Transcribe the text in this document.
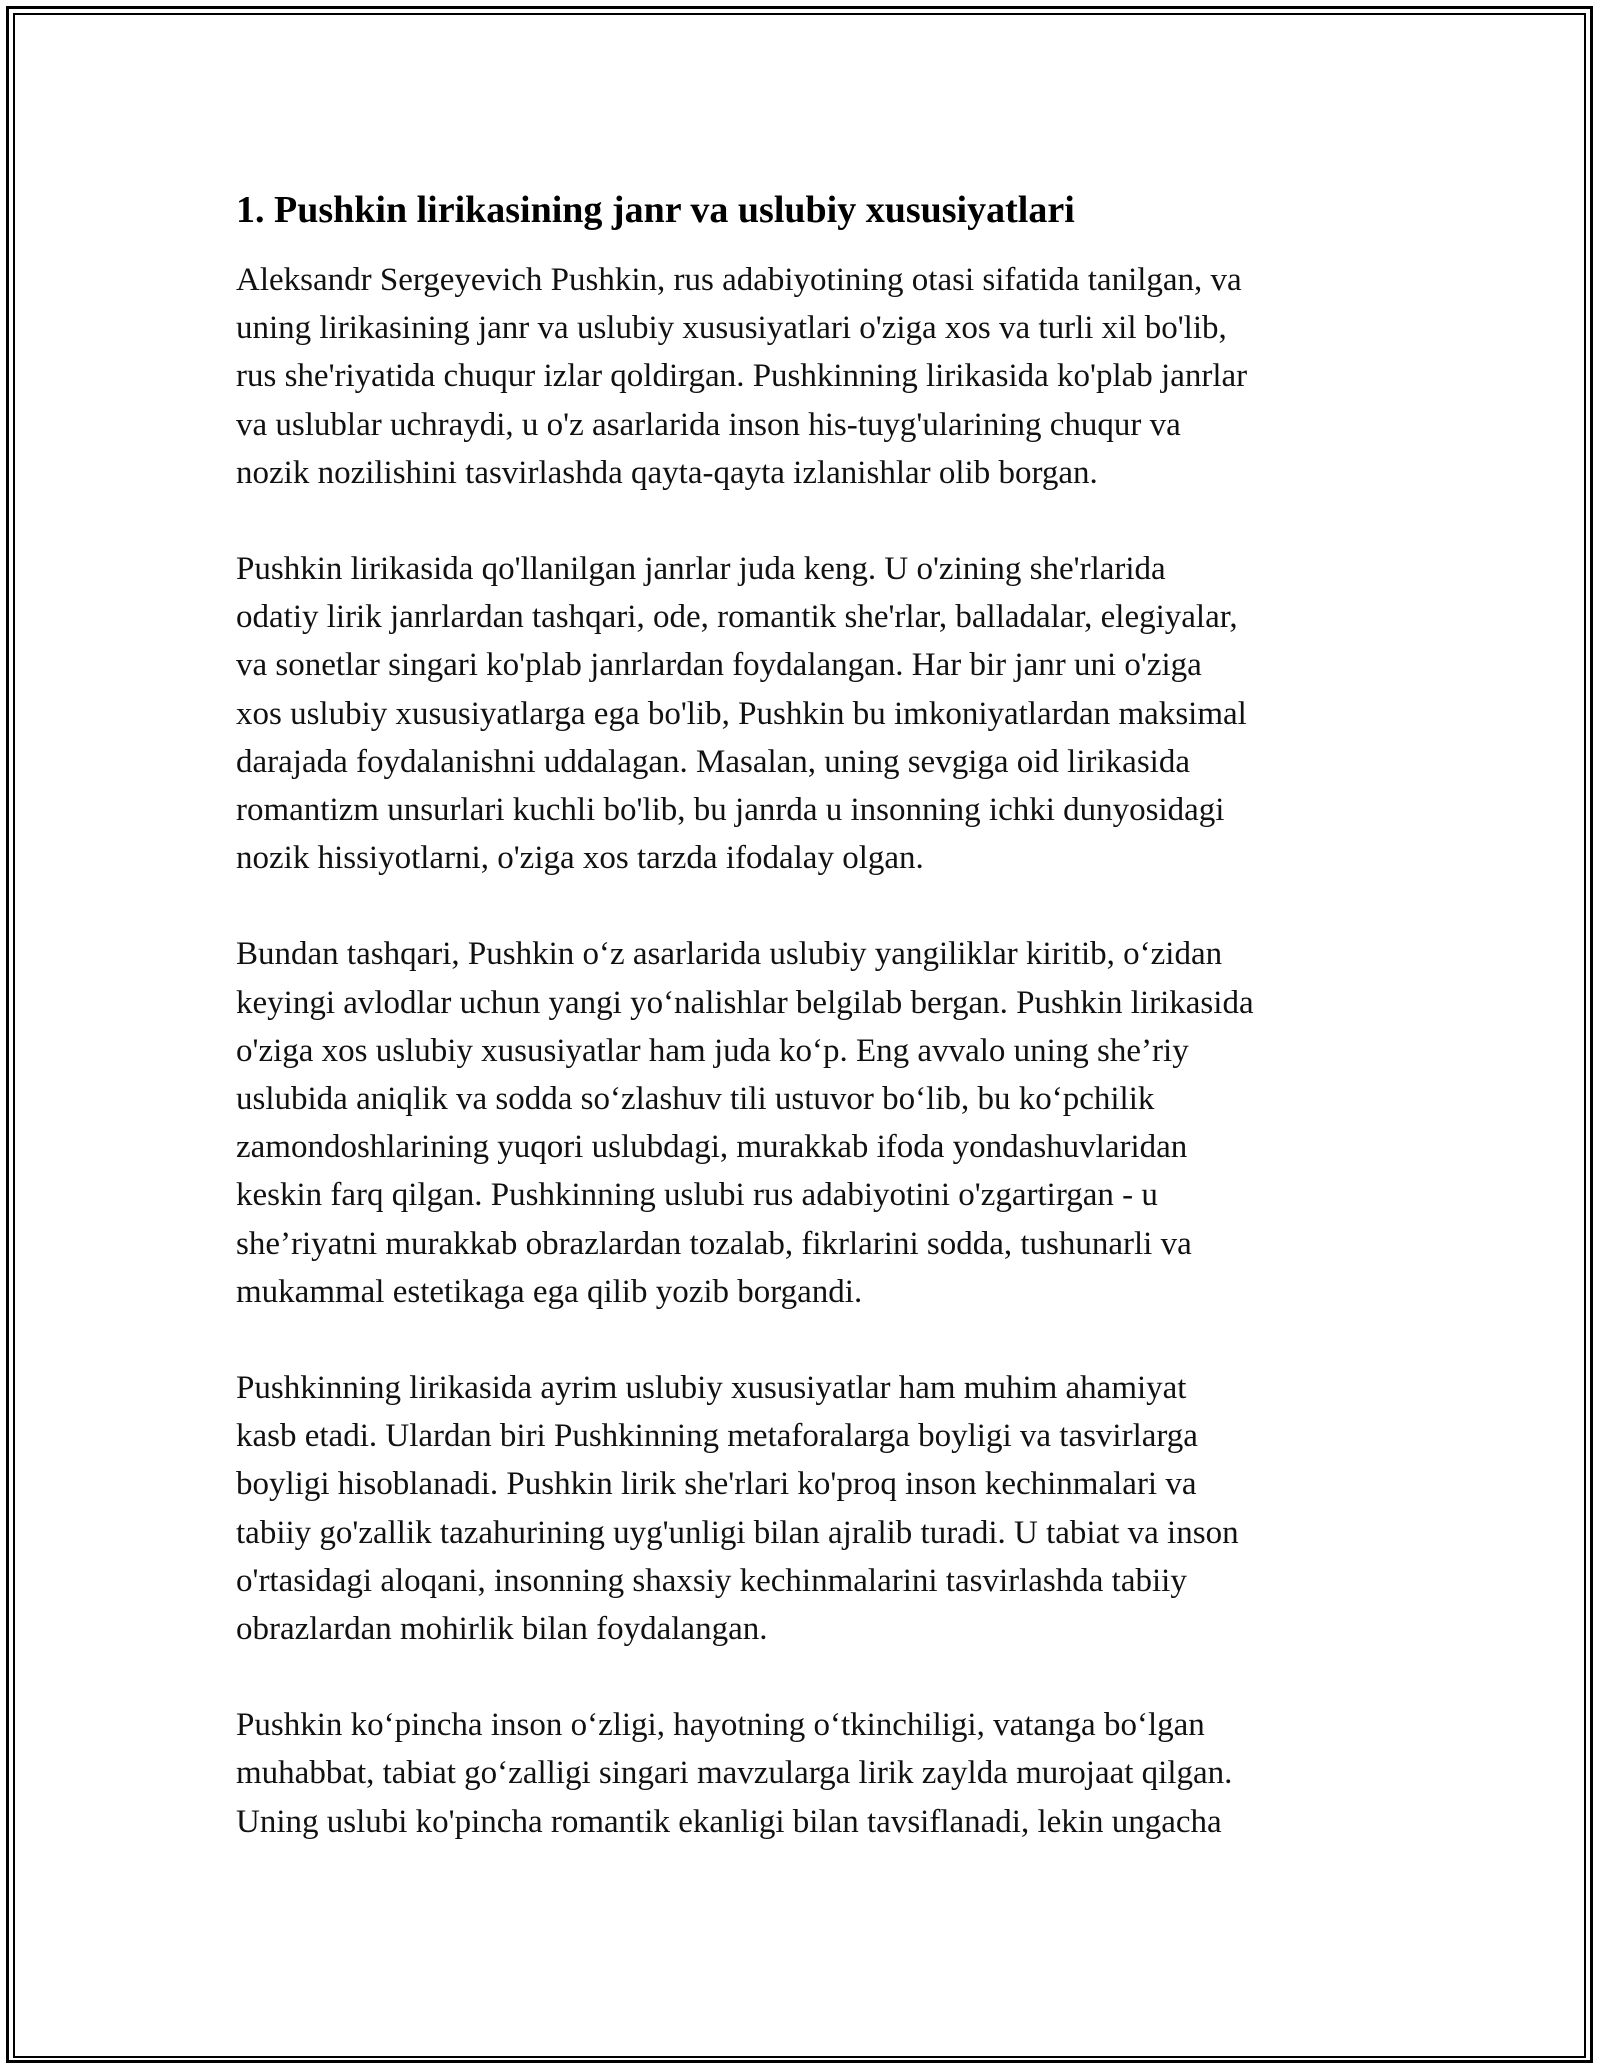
1. Pushkin lirikasining janr va uslubiy xususiyatlari

Aleksandr Sergeyevich Pushkin, rus adabiyotining otasi sifatida tanilgan, va
uning lirikasining janr va uslubiy xususiyatlari o'ziga xos va turli xil bo'lib,
rus she'riyatida chuqur izlar qoldirgan. Pushkinning lirikasida ko'plab janrlar
va uslublar uchraydi, u o'z asarlarida inson his-tuyg'ularining chuqur va
nozik nozilishini tasvirlashda qayta-qayta izlanishlar olib borgan.

Pushkin lirikasida qo'llanilgan janrlar juda keng. U o'zining she'rlarida
odatiy lirik janrlardan tashqari, ode, romantik she'rlar, balladalar, elegiyalar,
va sonetlar singari ko'plab janrlardan foydalangan. Har bir janr uni o'ziga
xos uslubiy xususiyatlarga ega bo'lib, Pushkin bu imkoniyatlardan maksimal
darajada foydalanishni uddalagan. Masalan, uning sevgiga oid lirikasida
romantizm unsurlari kuchli bo'lib, bu janrda u insonning ichki dunyosidagi
nozik hissiyotlarni, o'ziga xos tarzda ifodalay olgan.

Bundan tashqari, Pushkin o‘z asarlarida uslubiy yangiliklar kiritib, o‘zidan
keyingi avlodlar uchun yangi yo‘nalishlar belgilab bergan. Pushkin lirikasida
o'ziga xos uslubiy xususiyatlar ham juda ko‘p. Eng avvalo uning she’riy
uslubida aniqlik va sodda so‘zlashuv tili ustuvor bo‘lib, bu ko‘pchilik
zamondoshlarining yuqori uslubdagi, murakkab ifoda yondashuvlaridan
keskin farq qilgan. Pushkinning uslubi rus adabiyotini o'zgartirgan - u
she’riyatni murakkab obrazlardan tozalab, fikrlarini sodda, tushunarli va
mukammal estetikaga ega qilib yozib borgandi.

Pushkinning lirikasida ayrim uslubiy xususiyatlar ham muhim ahamiyat
kasb etadi. Ulardan biri Pushkinning metaforalarga boyligi va tasvirlarga
boyligi hisoblanadi. Pushkin lirik she'rlari ko'proq inson kechinmalari va
tabiiy go'zallik tazahurining uyg'unligi bilan ajralib turadi. U tabiat va inson
o'rtasidagi aloqani, insonning shaxsiy kechinmalarini tasvirlashda tabiiy
obrazlardan mohirlik bilan foydalangan.

Pushkin ko‘pincha inson o‘zligi, hayotning o‘tkinchiligi, vatanga bo‘lgan
muhabbat, tabiat go‘zalligi singari mavzularga lirik zaylda murojaat qilgan.
Uning uslubi ko'pincha romantik ekanligi bilan tavsiflanadi, lekin ungacha
